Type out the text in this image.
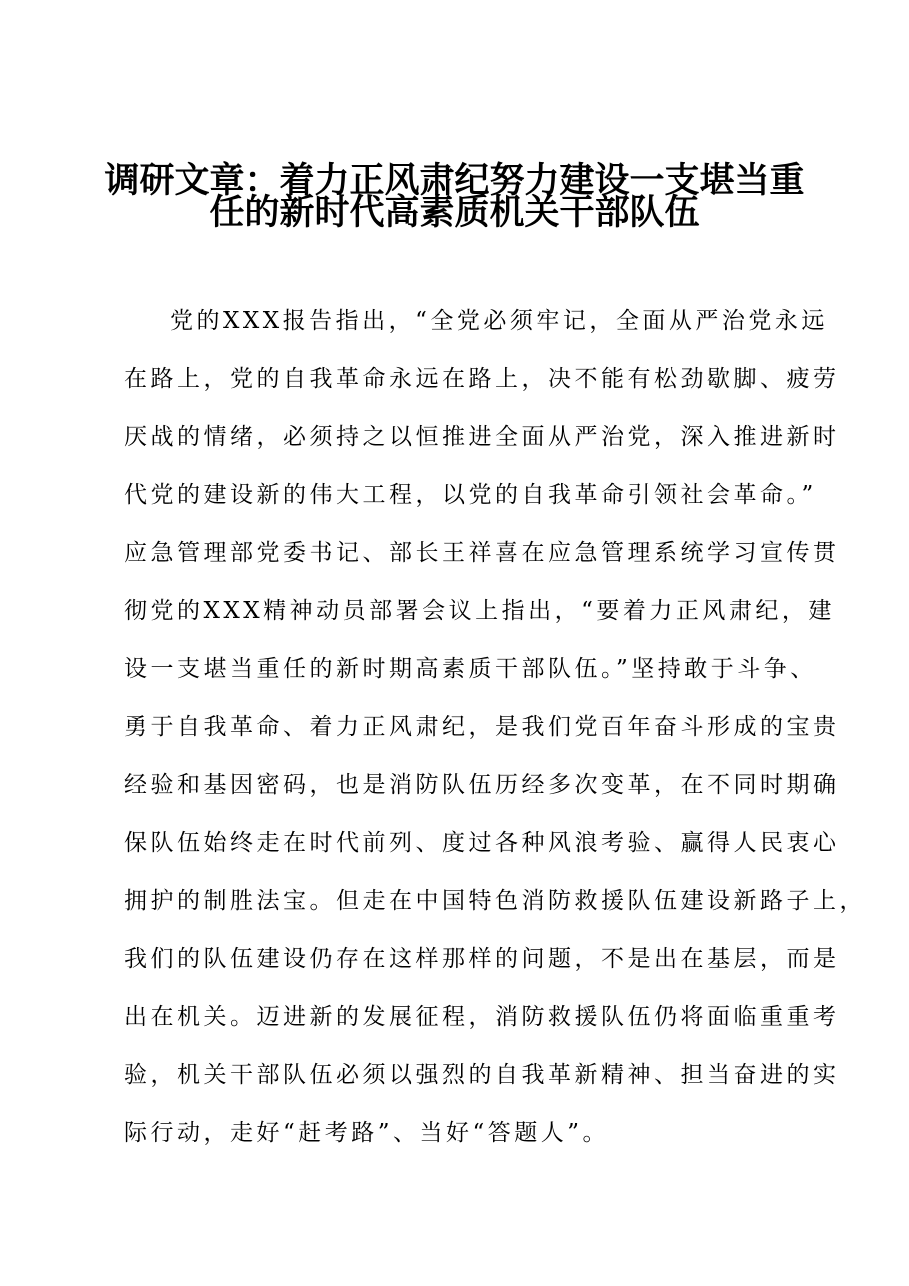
调研文章：着力正风肃纪努力建设一支堪当重
任的新时代高素质机关干部队伍
党的XXX报告指出，“全党必须牢记，全面从严治党永远
在路上，党的自我革命永远在路上，决不能有松劲歇脚、疲劳
厌战的情绪，必须持之以恒推进全面从严治党，深入推进新时
代党的建设新的伟大工程，以党的自我革命引领社会革命。”
应急管理部党委书记、部长王祥喜在应急管理系统学习宣传贯
彻党的XXX精神动员部署会议上指出，“要着力正风肃纪，建
设一支堪当重任的新时期高素质干部队伍。”坚持敢于斗争、
勇于自我革命、着力正风肃纪，是我们党百年奋斗形成的宝贵
经验和基因密码，也是消防队伍历经多次变革，在不同时期确
保队伍始终走在时代前列、度过各种风浪考验、赢得人民衷心
拥护的制胜法宝。但走在中国特色消防救援队伍建设新路子上，
我们的队伍建设仍存在这样那样的问题，不是出在基层，而是
出在机关。迈进新的发展征程，消防救援队伍仍将面临重重考
验，机关干部队伍必须以强烈的自我革新精神、担当奋进的实
际行动，走好“赶考路”、当好“答题人”。
